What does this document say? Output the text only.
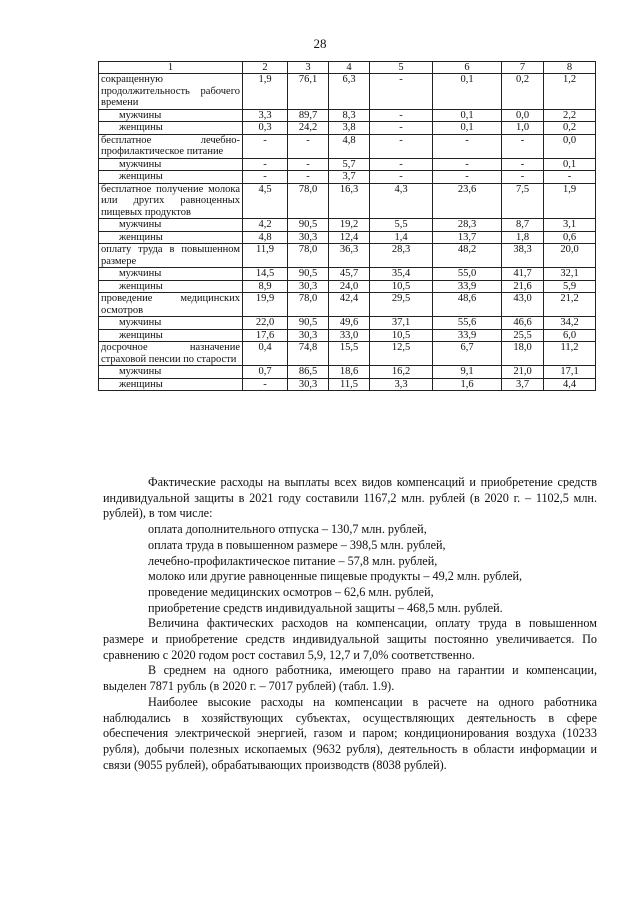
28
1	2	3	4	5	6	7	8
сокращенную продолжительность рабочего времени	1,9	76,1	6,3	-	0,1	0,2	1,2
мужчины	3,3	89,7	8,3	-	0,1	0,0	2,2
женщины	0,3	24,2	3,8	-	0,1	1,0	0,2
бесплатное лечебно-профилактическое питание	-	-	4,8	-	-	-	0,0
мужчины	-	-	5,7	-	-	-	0,1
женщины	-	-	3,7	-	-	-	-
бесплатное получение молока или других равноценных пищевых продуктов	4,5	78,0	16,3	4,3	23,6	7,5	1,9
мужчины	4,2	90,5	19,2	5,5	28,3	8,7	3,1
женщины	4,8	30,3	12,4	1,4	13,7	1,8	0,6
оплату труда в повышенном размере	11,9	78,0	36,3	28,3	48,2	38,3	20,0
мужчины	14,5	90,5	45,7	35,4	55,0	41,7	32,1
женщины	8,9	30,3	24,0	10,5	33,9	21,6	5,9
проведение медицинских осмотров	19,9	78,0	42,4	29,5	48,6	43,0	21,2
мужчины	22,0	90,5	49,6	37,1	55,6	46,6	34,2
женщины	17,6	30,3	33,0	10,5	33,9	25,5	6,0
досрочное назначение страховой пенсии по старости	0,4	74,8	15,5	12,5	6,7	18,0	11,2
мужчины	0,7	86,5	18,6	16,2	9,1	21,0	17,1
женщины	-	30,3	11,5	3,3	1,6	3,7	4,4

Фактические расходы на выплаты всех видов компенсаций и приобретение средств индивидуальной защиты в 2021 году составили 1167,2 млн. рублей (в 2020 г. – 1102,5 млн. рублей), в том числе:

оплата дополнительного отпуска – 130,7 млн. рублей,

оплата труда в повышенном размере – 398,5 млн. рублей,

лечебно-профилактическое питание – 57,8 млн. рублей,

молоко или другие равноценные пищевые продукты – 49,2 млн. рублей,

проведение медицинских осмотров – 62,6 млн. рублей,

приобретение средств индивидуальной защиты – 468,5 млн. рублей.

Величина фактических расходов на компенсации, оплату труда в повышенном размере и приобретение средств индивидуальной защиты постоянно увеличивается. По сравнению с 2020 годом рост составил 5,9, 12,7 и 7,0% соответственно.

В среднем на одного работника, имеющего право на гарантии и компенсации, выделен 7871 рубль (в 2020 г. – 7017 рублей) (табл. 1.9).

Наиболее высокие расходы на компенсации в расчете на одного работника наблюдались в хозяйствующих субъектах, осуществляющих деятельность в сфере обеспечения электрической энергией, газом и паром; кондиционирования воздуха (10233 рубля), добычи полезных ископаемых (9632 рубля), деятельность в области информации и связи (9055 рублей), обрабатывающих производств (8038 рублей).
